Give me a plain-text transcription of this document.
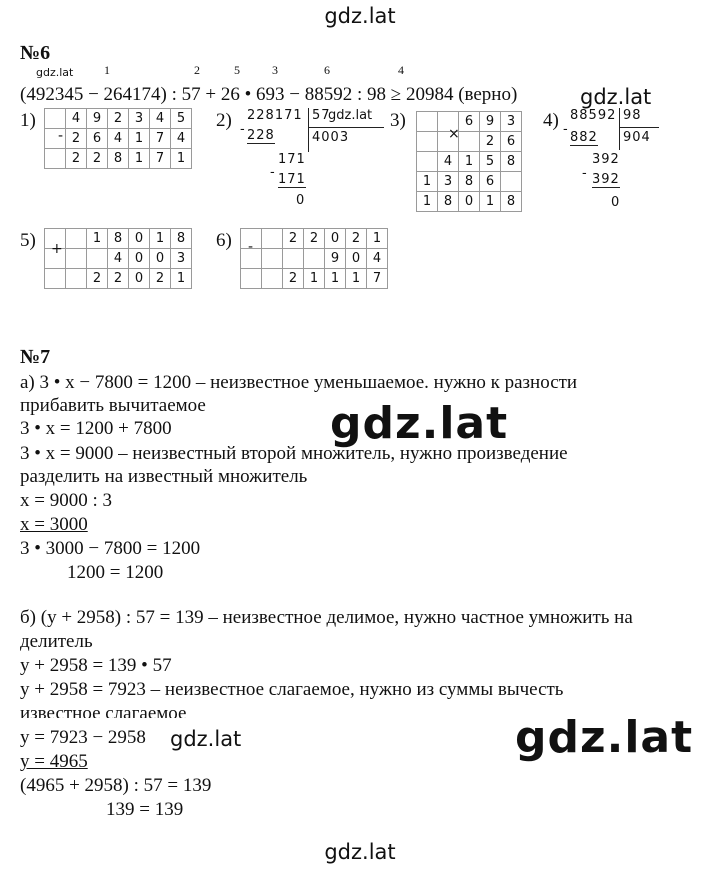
gdz.lat
gdz.lat
gdz.lat
№6
1	2	5	3	6	4
(492345 − 264174) : 57 + 26 • 693 − 88592 : 98 ≥ 20984 (верно)
1)
-
	4	9	2	3	4	5
	2	6	4	1	7	4
	2	2	8	1	7	1
2) 228171 57
gdz.lat
4003
- 228
171
- 171
0
3)
			6	9	3
			2	6
	4	1	5	8
1	3	8	6	
1	8	0	1	8
×
4) 88592 98
904
-
882
392
- 392
0
5)
			1	8	0	1	8
			4	0	0	3
		2	2	0	2	1
+	6)
			2	2	0	2	1
				9	0	4
		2	1	1	1	7
-
№7
а) 3 • х − 7800 = 1200 – неизвестное уменьшаемое. нужно к разности
прибавить вычитаемое
3 • х = 1200 + 7800
3 • х = 9000 – неизвестный второй множитель, нужно произведение
разделить на известный множитель
х = 9000 : 3
х = 3000
3 • 3000 − 7800 = 1200
1200 = 1200
gdz.lat
б) (у + 2958) : 57 = 139 – неизвестное делимое, нужно частное умножить на
делитель
у + 2958 = 139 • 57
у + 2958 = 7923 – неизвестное слагаемое, нужно из суммы вычесть
известное слагаемое
у = 7923 − 2958
у = 4965
(4965 + 2958) : 57 = 139
139 = 139
gdz.lat	gdz.lat
gdz.lat
